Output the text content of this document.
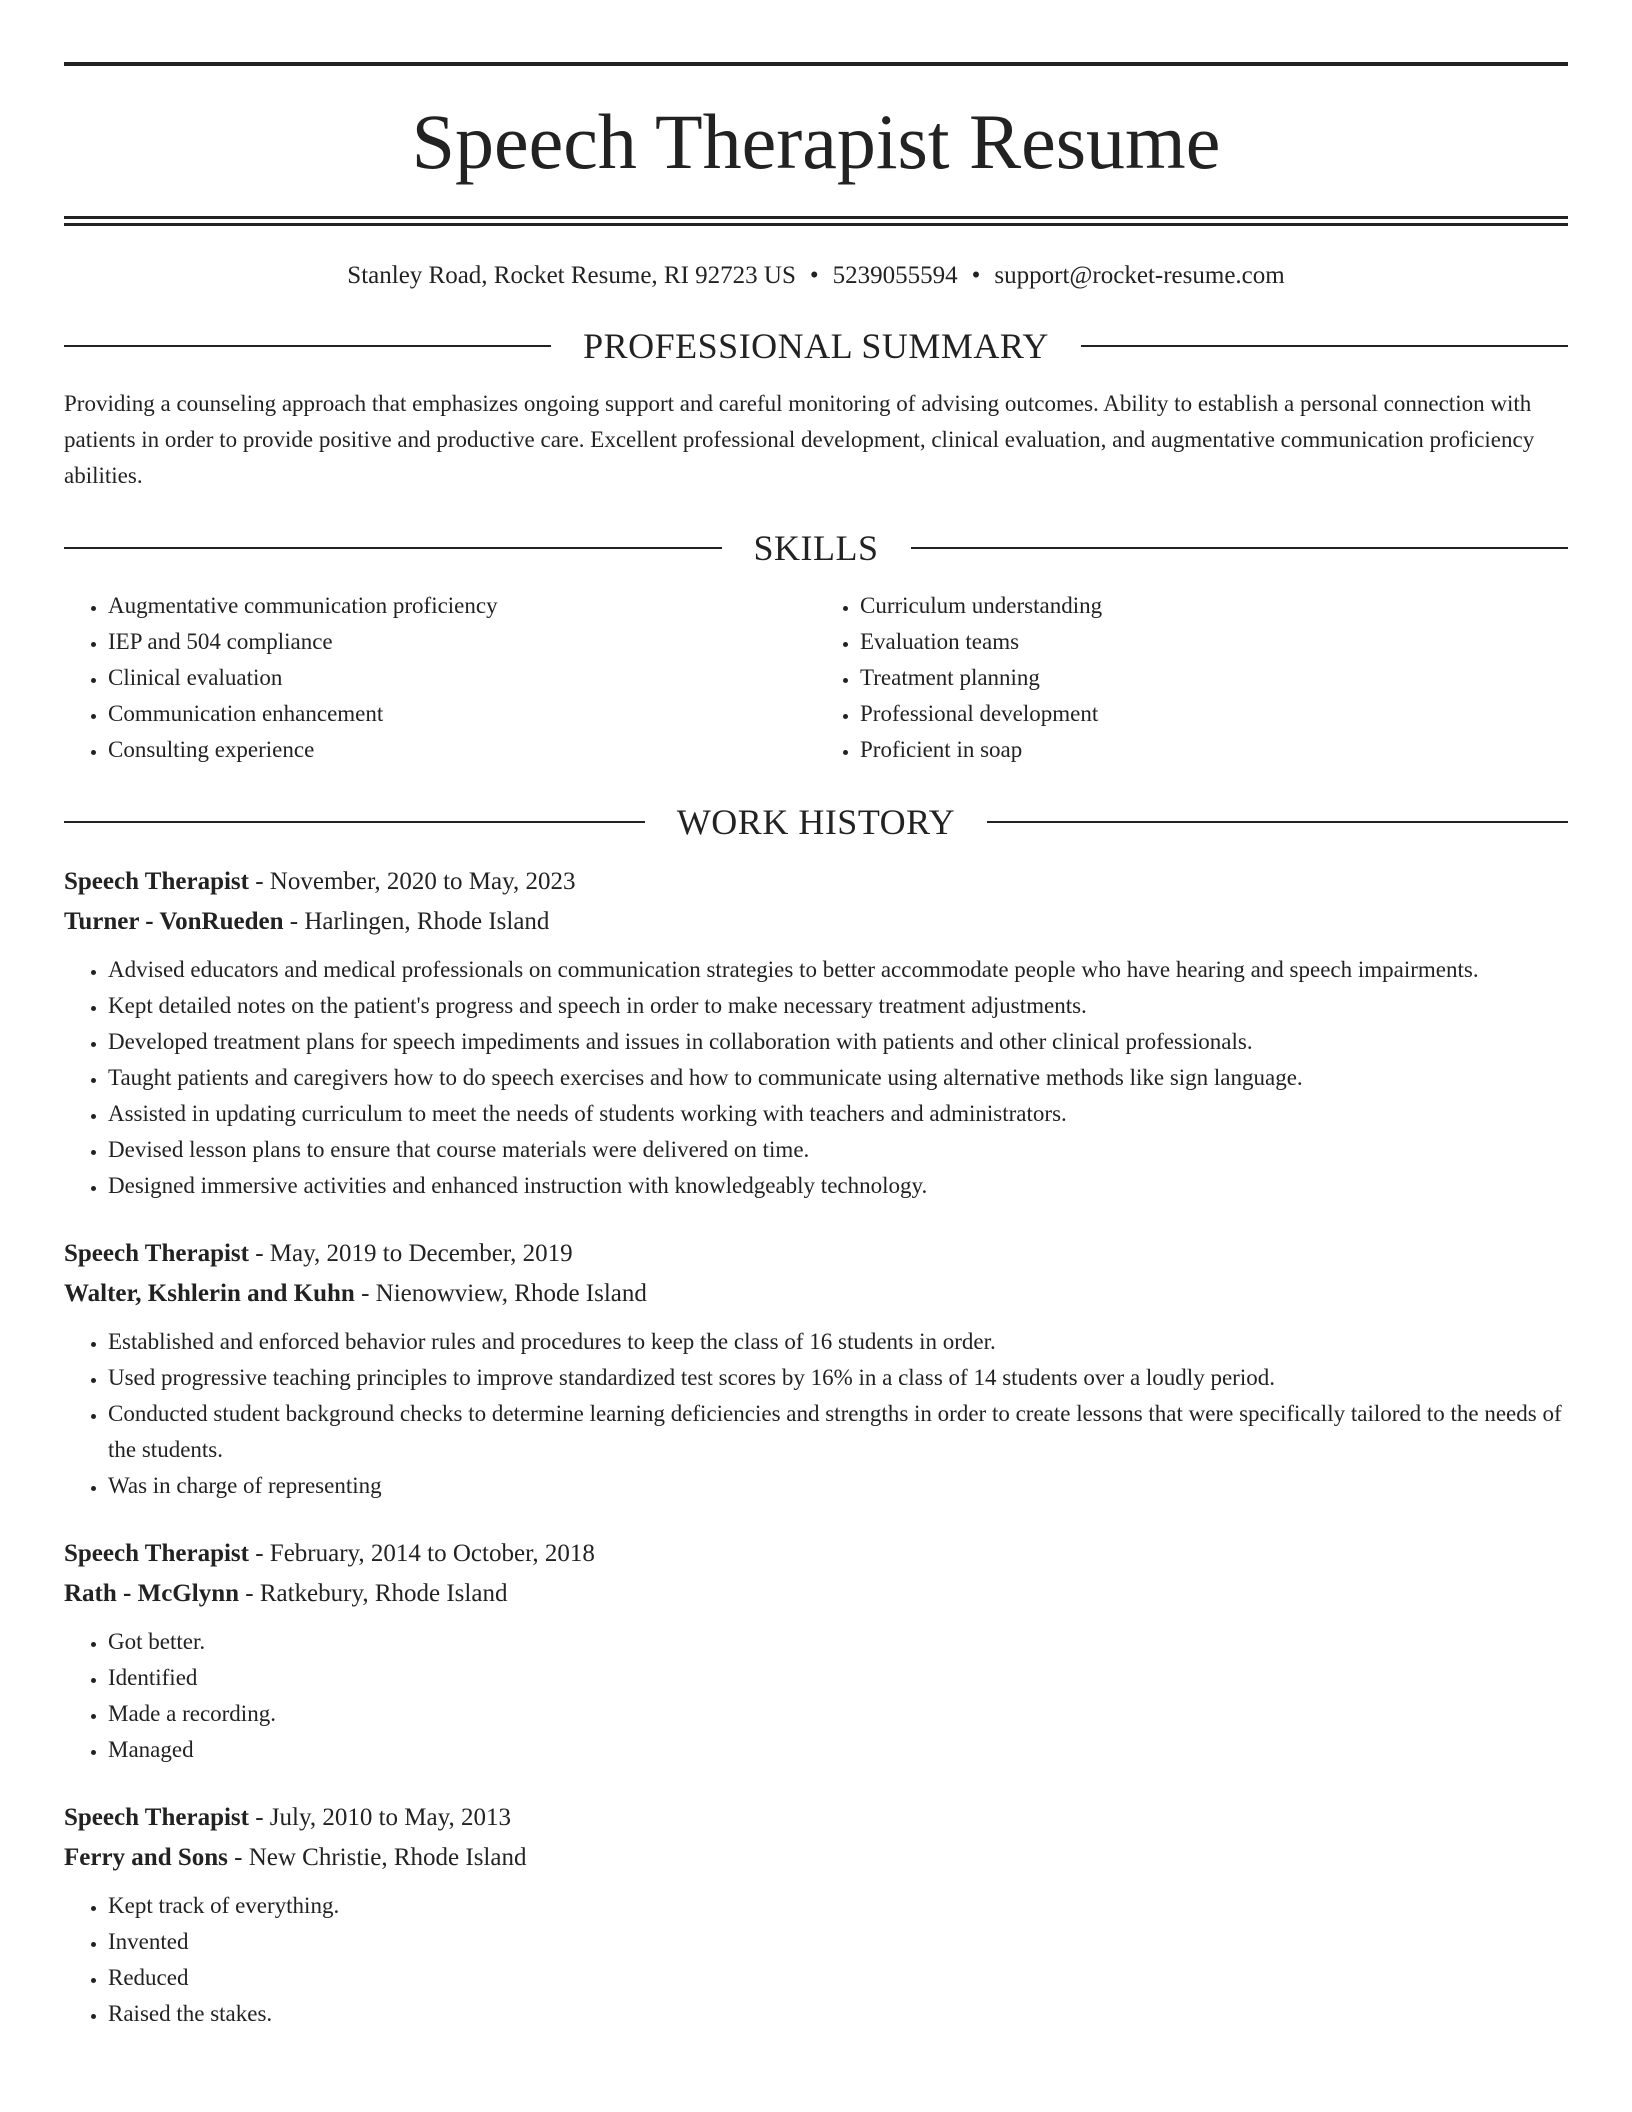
Speech Therapist Resume
Stanley Road, Rocket Resume, RI 92723 US • 5239055594 • support@rocket-resume.com
PROFESSIONAL SUMMARY

Providing a counseling approach that emphasizes ongoing support and careful monitoring of advising outcomes. Ability to establish a personal connection with patients in order to provide positive and productive care. Excellent professional development, clinical evaluation, and augmentative communication proficiency abilities.

SKILLS
• Augmentative communication proficiency
• IEP and 504 compliance
• Clinical evaluation
• Communication enhancement
• Consulting experience
• Curriculum understanding
• Evaluation teams
• Treatment planning
• Professional development
• Proficient in soap
WORK HISTORY
Speech Therapist - November, 2020 to May, 2023
Turner - VonRueden - Harlingen, Rhode Island
• Advised educators and medical professionals on communication strategies to better accommodate people who have hearing and speech impairments.
• Kept detailed notes on the patient's progress and speech in order to make necessary treatment adjustments.
• Developed treatment plans for speech impediments and issues in collaboration with patients and other clinical professionals.
• Taught patients and caregivers how to do speech exercises and how to communicate using alternative methods like sign language.
• Assisted in updating curriculum to meet the needs of students working with teachers and administrators.
• Devised lesson plans to ensure that course materials were delivered on time.
• Designed immersive activities and enhanced instruction with knowledgeably technology.
Speech Therapist - May, 2019 to December, 2019
Walter, Kshlerin and Kuhn - Nienowview, Rhode Island
• Established and enforced behavior rules and procedures to keep the class of 16 students in order.
• Used progressive teaching principles to improve standardized test scores by 16% in a class of 14 students over a loudly period.
• Conducted student background checks to determine learning deficiencies and strengths in order to create lessons that were specifically tailored to the needs of the students.
• Was in charge of representing
Speech Therapist - February, 2014 to October, 2018
Rath - McGlynn - Ratkebury, Rhode Island
• Got better.
• Identified
• Made a recording.
• Managed
Speech Therapist - July, 2010 to May, 2013
Ferry and Sons - New Christie, Rhode Island
• Kept track of everything.
• Invented
• Reduced
• Raised the stakes.
